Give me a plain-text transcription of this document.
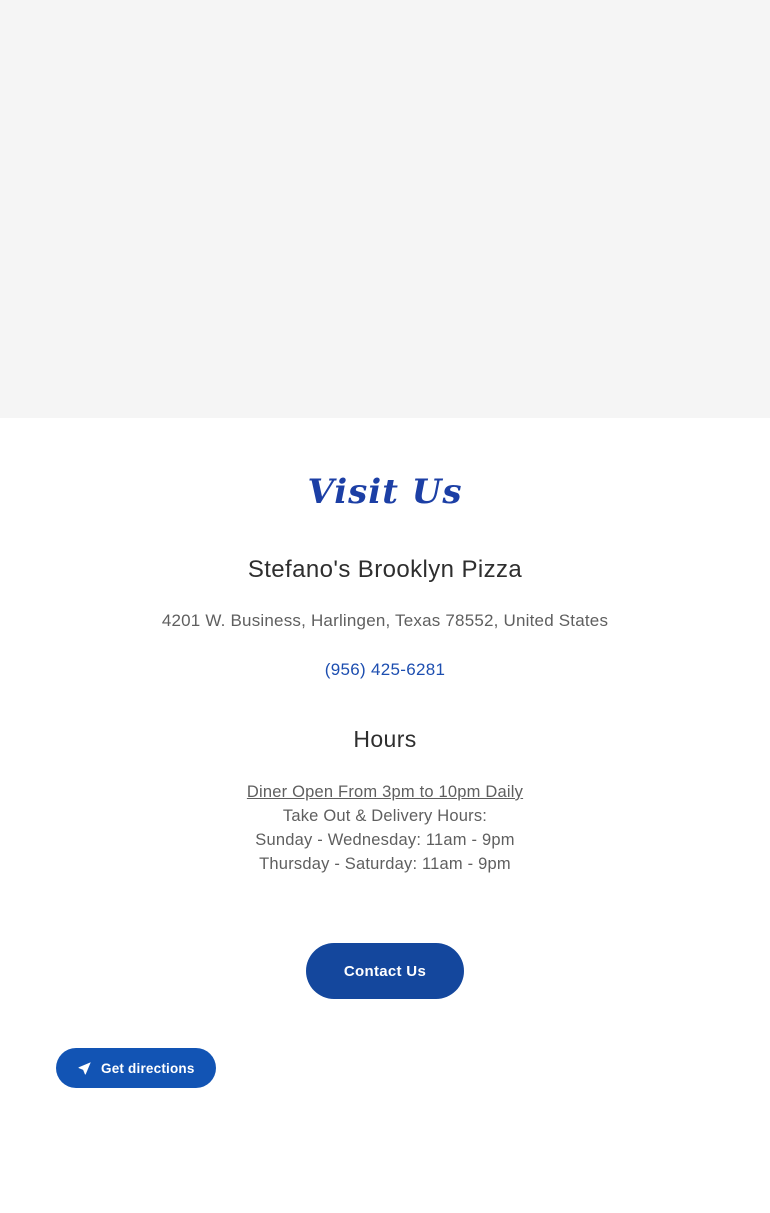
Visit Us
Stefano's Brooklyn Pizza

4201 W. Business, Harlingen, Texas 78552, United States

(956) 425-6281
Hours
Diner Open From 3pm to 10pm Daily
Take Out & Delivery Hours:
Sunday - Wednesday: 11am - 9pm
Thursday - Saturday: 11am - 9pm
Contact Us
Get directions
